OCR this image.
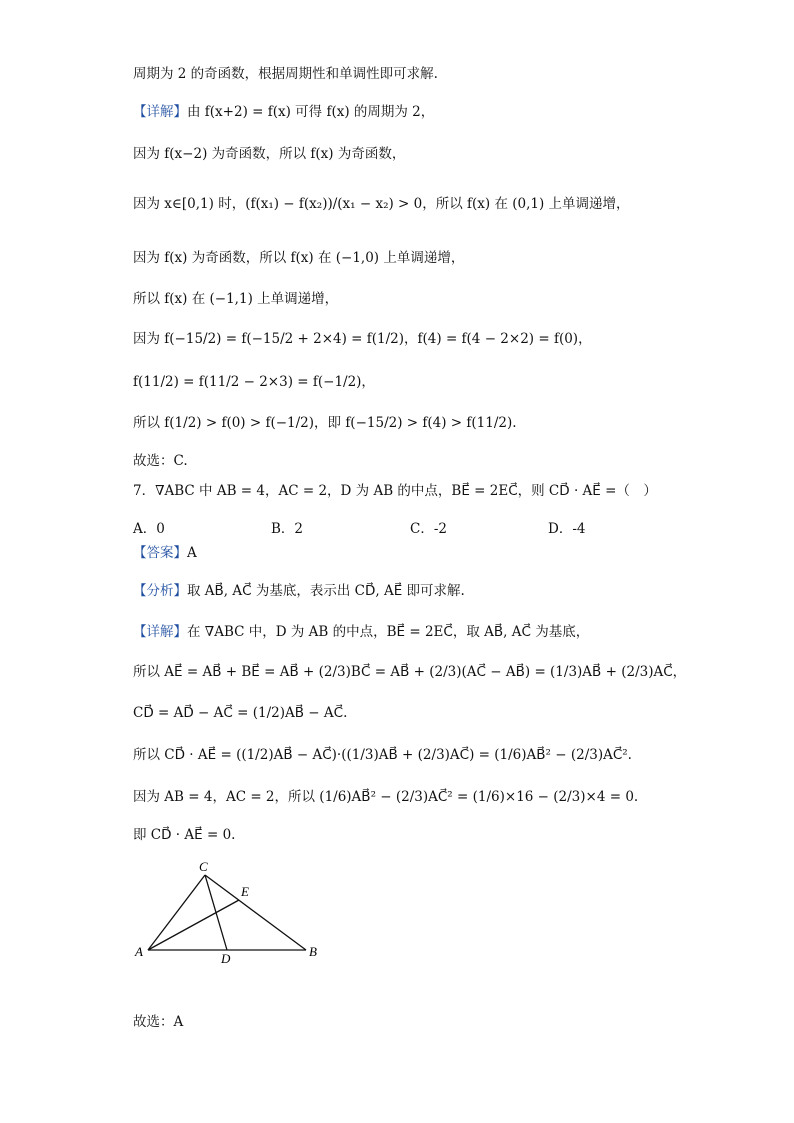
周期为 2 的奇函数，根据周期性和单调性即可求解.
【详解】由 f(x+2) = f(x) 可得 f(x) 的周期为 2，
因为 f(x−2) 为奇函数，所以 f(x) 为奇函数，
因为 x∈[0,1) 时，(f(x₁) − f(x₂))/(x₁ − x₂) > 0，所以 f(x) 在 (0,1) 上单调递增，
因为 f(x) 为奇函数，所以 f(x) 在 (−1,0) 上单调递增，
所以 f(x) 在 (−1,1) 上单调递增，
因为 f(−15/2) = f(−15/2 + 2×4) = f(1/2)，f(4) = f(4 − 2×2) = f(0)，
f(11/2) = f(11/2 − 2×3) = f(−1/2)，
所以 f(1/2) > f(0) > f(−1/2)，即 f(−15/2) > f(4) > f(11/2).
故选：C.
7．∇ABC 中 AB = 4，AC = 2，D 为 AB 的中点，BE⃗ = 2EC⃗，则 CD⃗ · AE⃗ =（　）
A．0	B．2	C．-2	D．-4
【答案】A
【分析】取 AB⃗, AC⃗ 为基底，表示出 CD⃗, AE⃗ 即可求解.
【详解】在 ∇ABC 中，D 为 AB 的中点，BE⃗ = 2EC⃗，取 AB⃗, AC⃗ 为基底，
所以 AE⃗ = AB⃗ + BE⃗ = AB⃗ + (2/3)BC⃗ = AB⃗ + (2/3)(AC⃗ − AB⃗) = (1/3)AB⃗ + (2/3)AC⃗，
CD⃗ = AD⃗ − AC⃗ = (1/2)AB⃗ − AC⃗.
所以 CD⃗ · AE⃗ = ((1/2)AB⃗ − AC⃗)·((1/3)AB⃗ + (2/3)AC⃗) = (1/6)AB⃗² − (2/3)AC⃗².
因为 AB = 4，AC = 2，所以 (1/6)AB⃗² − (2/3)AC⃗² = (1/6)×16 − (2/3)×4 = 0.
即 CD⃗ · AE⃗ = 0.
C
E
A	D	B
故选：A
